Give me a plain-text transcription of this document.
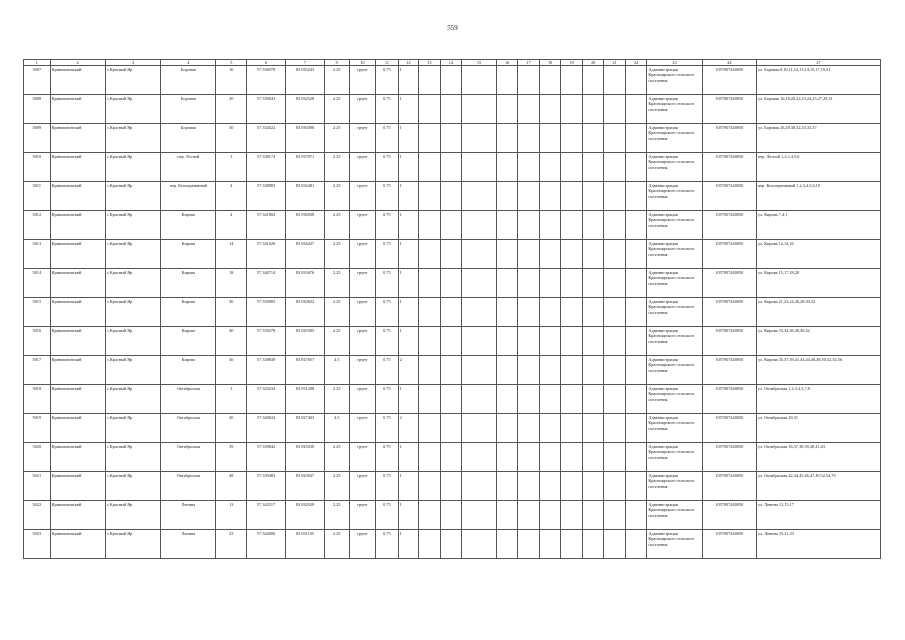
559
1	2	3	4	5	6	7	9	10	11	12	13	14	15	16	17	18	19	20	21	22	23	24	27
5007	Кривошеинский	с.Красный Яр	Боровая	10	57.336978	83.935243	2.25	грунт	0.75	1											Администрация Красноярского сельского поселения	1057007440050	ул. Боровая 8,10,11,12,13,14,15,17,19,21
5008	Кривошеинский	с.Красный Яр	Боровая	20	57.339043	83.932528	2.25	грунт	0.75	1											Администрация Красноярского сельского поселения	1057007440050	ул. Боровая 16,18,20,22,23,24,25,27,29,31
5009	Кривошеинский	с.Красный Яр	Боровая	30	57.334322	83.930490	2.25	грунт	0.75	1											Администрация Красноярского сельского поселения	1057007440050	ул. Боровая 26,28,30,32,33,35,37
5010	Кривошеинский	с.Красный Яр	пер. Лесной	3	57.338172	83.937871	2.25	грунт	0.75	1											Администрация Красноярского сельского поселения	1057007440050	пер. Лесной 1,2,3,4,5,6
5011	Кривошеинский	с.Красный Яр	пер. Кооперативный	4	57.338983	83.934481	2.25	грунт	0.75	1											Администрация Красноярского сельского поселения	1057007440050	пер. Кооперативный 1,2,3,4,5,6,10
5012	Кривошеинский	с.Красный Яр	Кирова	4	57.341802	83.936938	2.25	грунт	0.75	1											Администрация Красноярского сельского поселения	1057007440050	ул. Кирова 7,4,1
5013	Кривошеинский	с.Красный Яр	Кирова	14	57.341026	83.934427	2.25	грунт	0.75	1											Администрация Красноярского сельского поселения	1057007440050	ул. Кирова 12,14,16
5014	Кривошеинский	с.Красный Яр	Кирова	18	57.340714	83.933676	2.25	грунт	0.75	1											Администрация Красноярского сельского поселения	1057007440050	ул. Кирова 15,17,18,20
5015	Кривошеинский	с.Красный Яр	Кирова	30	57.339085	83.930822	2.25	грунт	0.75	1											Администрация Красноярского сельского поселения	1057007440050	ул. Кирова 21,23,24,26,28,30,32
5016	Кривошеинский	с.Красный Яр	Кирова	40	57.339278	83.929305	2.25	грунт	0.75	1											Администрация Красноярского сельского поселения	1057007440050	ул. Кирова 33,34,36,38,40,42
5017	Кривошеинский	с.Красный Яр	Кирова	46	57.338849	83.927657	4.5	грунт	0.75	2											Администрация Красноярского сельского поселения	1057007440050	ул. Кирова 35,37,39,41,43,44,46,48,50,52,54,56
5018	Кривошеинский	с.Красный Яр	Октябрьская	3	57.343234	83.931208	2.25	грунт	0.75	1											Администрация Красноярского сельского поселения	1057007440050	ул. Октябрьская 1,2,3,4,5,7,8
5019	Кривошеинский	с.Красный Яр	Октябрьская	20	57.340632	83.927403	4.5	грунт	0.75	2											Администрация Красноярского сельского поселения	1057007440050	ул. Октябрьская 29,31
5020	Кривошеинский	с.Красный Яр	Октябрьская	39	57.339842	83.925030	2.25	грунт	0.75	1											Администрация Красноярского сельского поселения	1057007440050	ул. Октябрьская 36,37,38,39,40,41,43
5021	Кривошеинский	с.Красный Яр	Октябрьская	48	57.339483	83.923927	2.25	грунт	0.75	1											Администрация Красноярского сельского поселения	1057007440050	ул. Октябрьская 42,44,45,46,47,49,52,54,70
5022	Кривошеинский	с.Красный Яр	Ленина	13	57.342517	83.932929	2.25	грунт	0.75	1											Администрация Красноярского сельского поселения	1057007440050	ул. Ленина 12,15,17
5023	Кривошеинский	с.Красный Яр	Ленина	23	57.342000	83.931105	2.25	грунт	0.75	1											Администрация Красноярского сельского поселения	1057007440050	ул. Ленина 19,21,23
